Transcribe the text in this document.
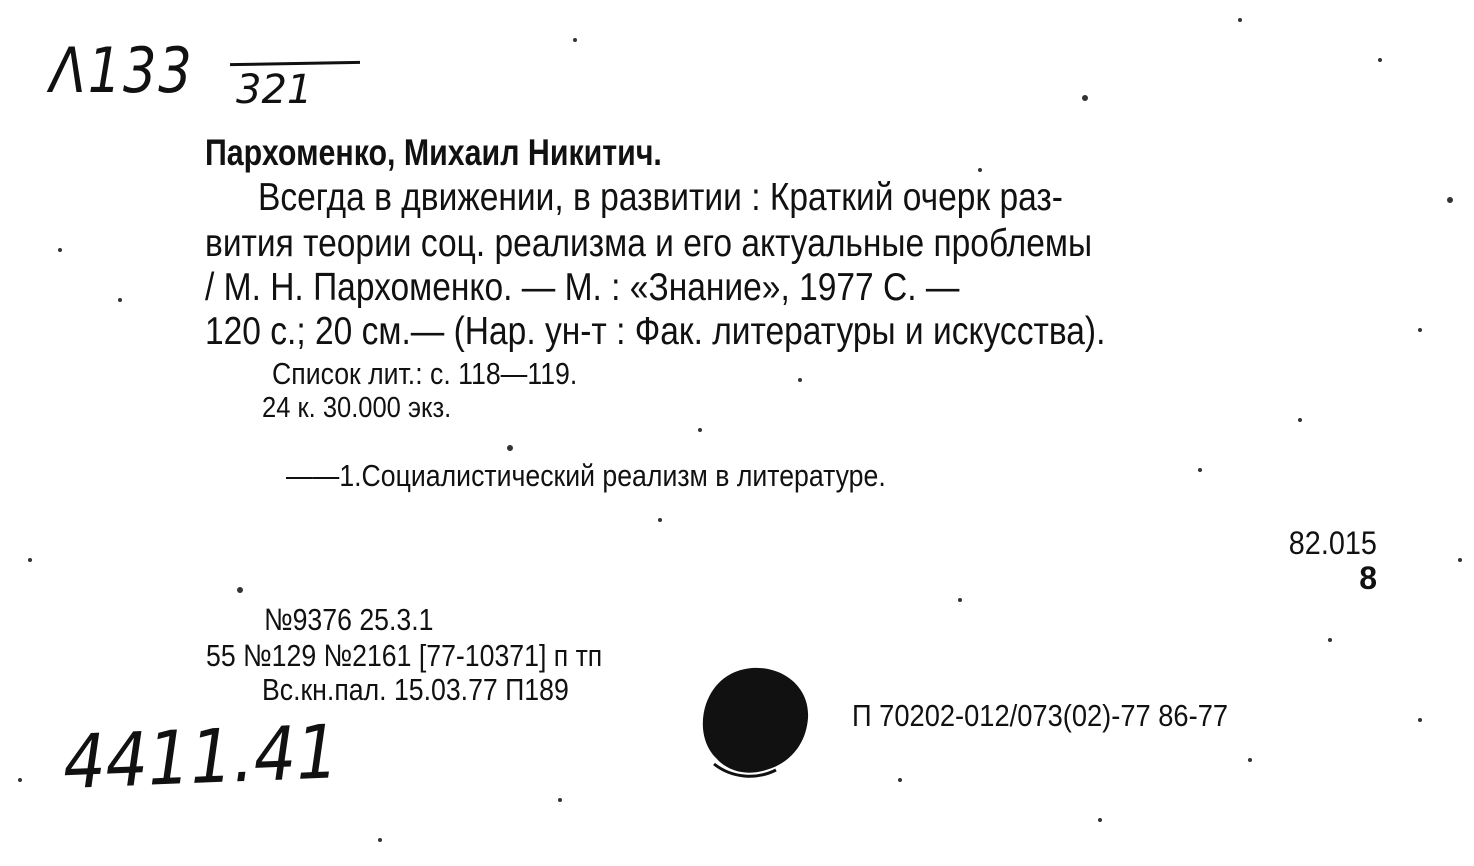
Λ133 321
Пархоменко, Михаил Никитич.
Всегда в движении, в развитии : Краткий очерк раз-
вития теории соц. реализма и его актуальные проблемы
/ М. Н. Пархоменко. — М. : «Знание», 1977 С. —
120 с.; 20 см.— (Нар. ун-т : Фак. литературы и искусства).
Список лит.: с. 118—119.
24 к. 30.000 экз.
——1.Социалистический реализм в литературе.
82.015
8
№9376 25.3.1
55 №129 №2161 [77-10371] п тп
Вс.кн.пал. 15.03.77 П189
П 70202-012/073(02)-77 86-77
4411.41
